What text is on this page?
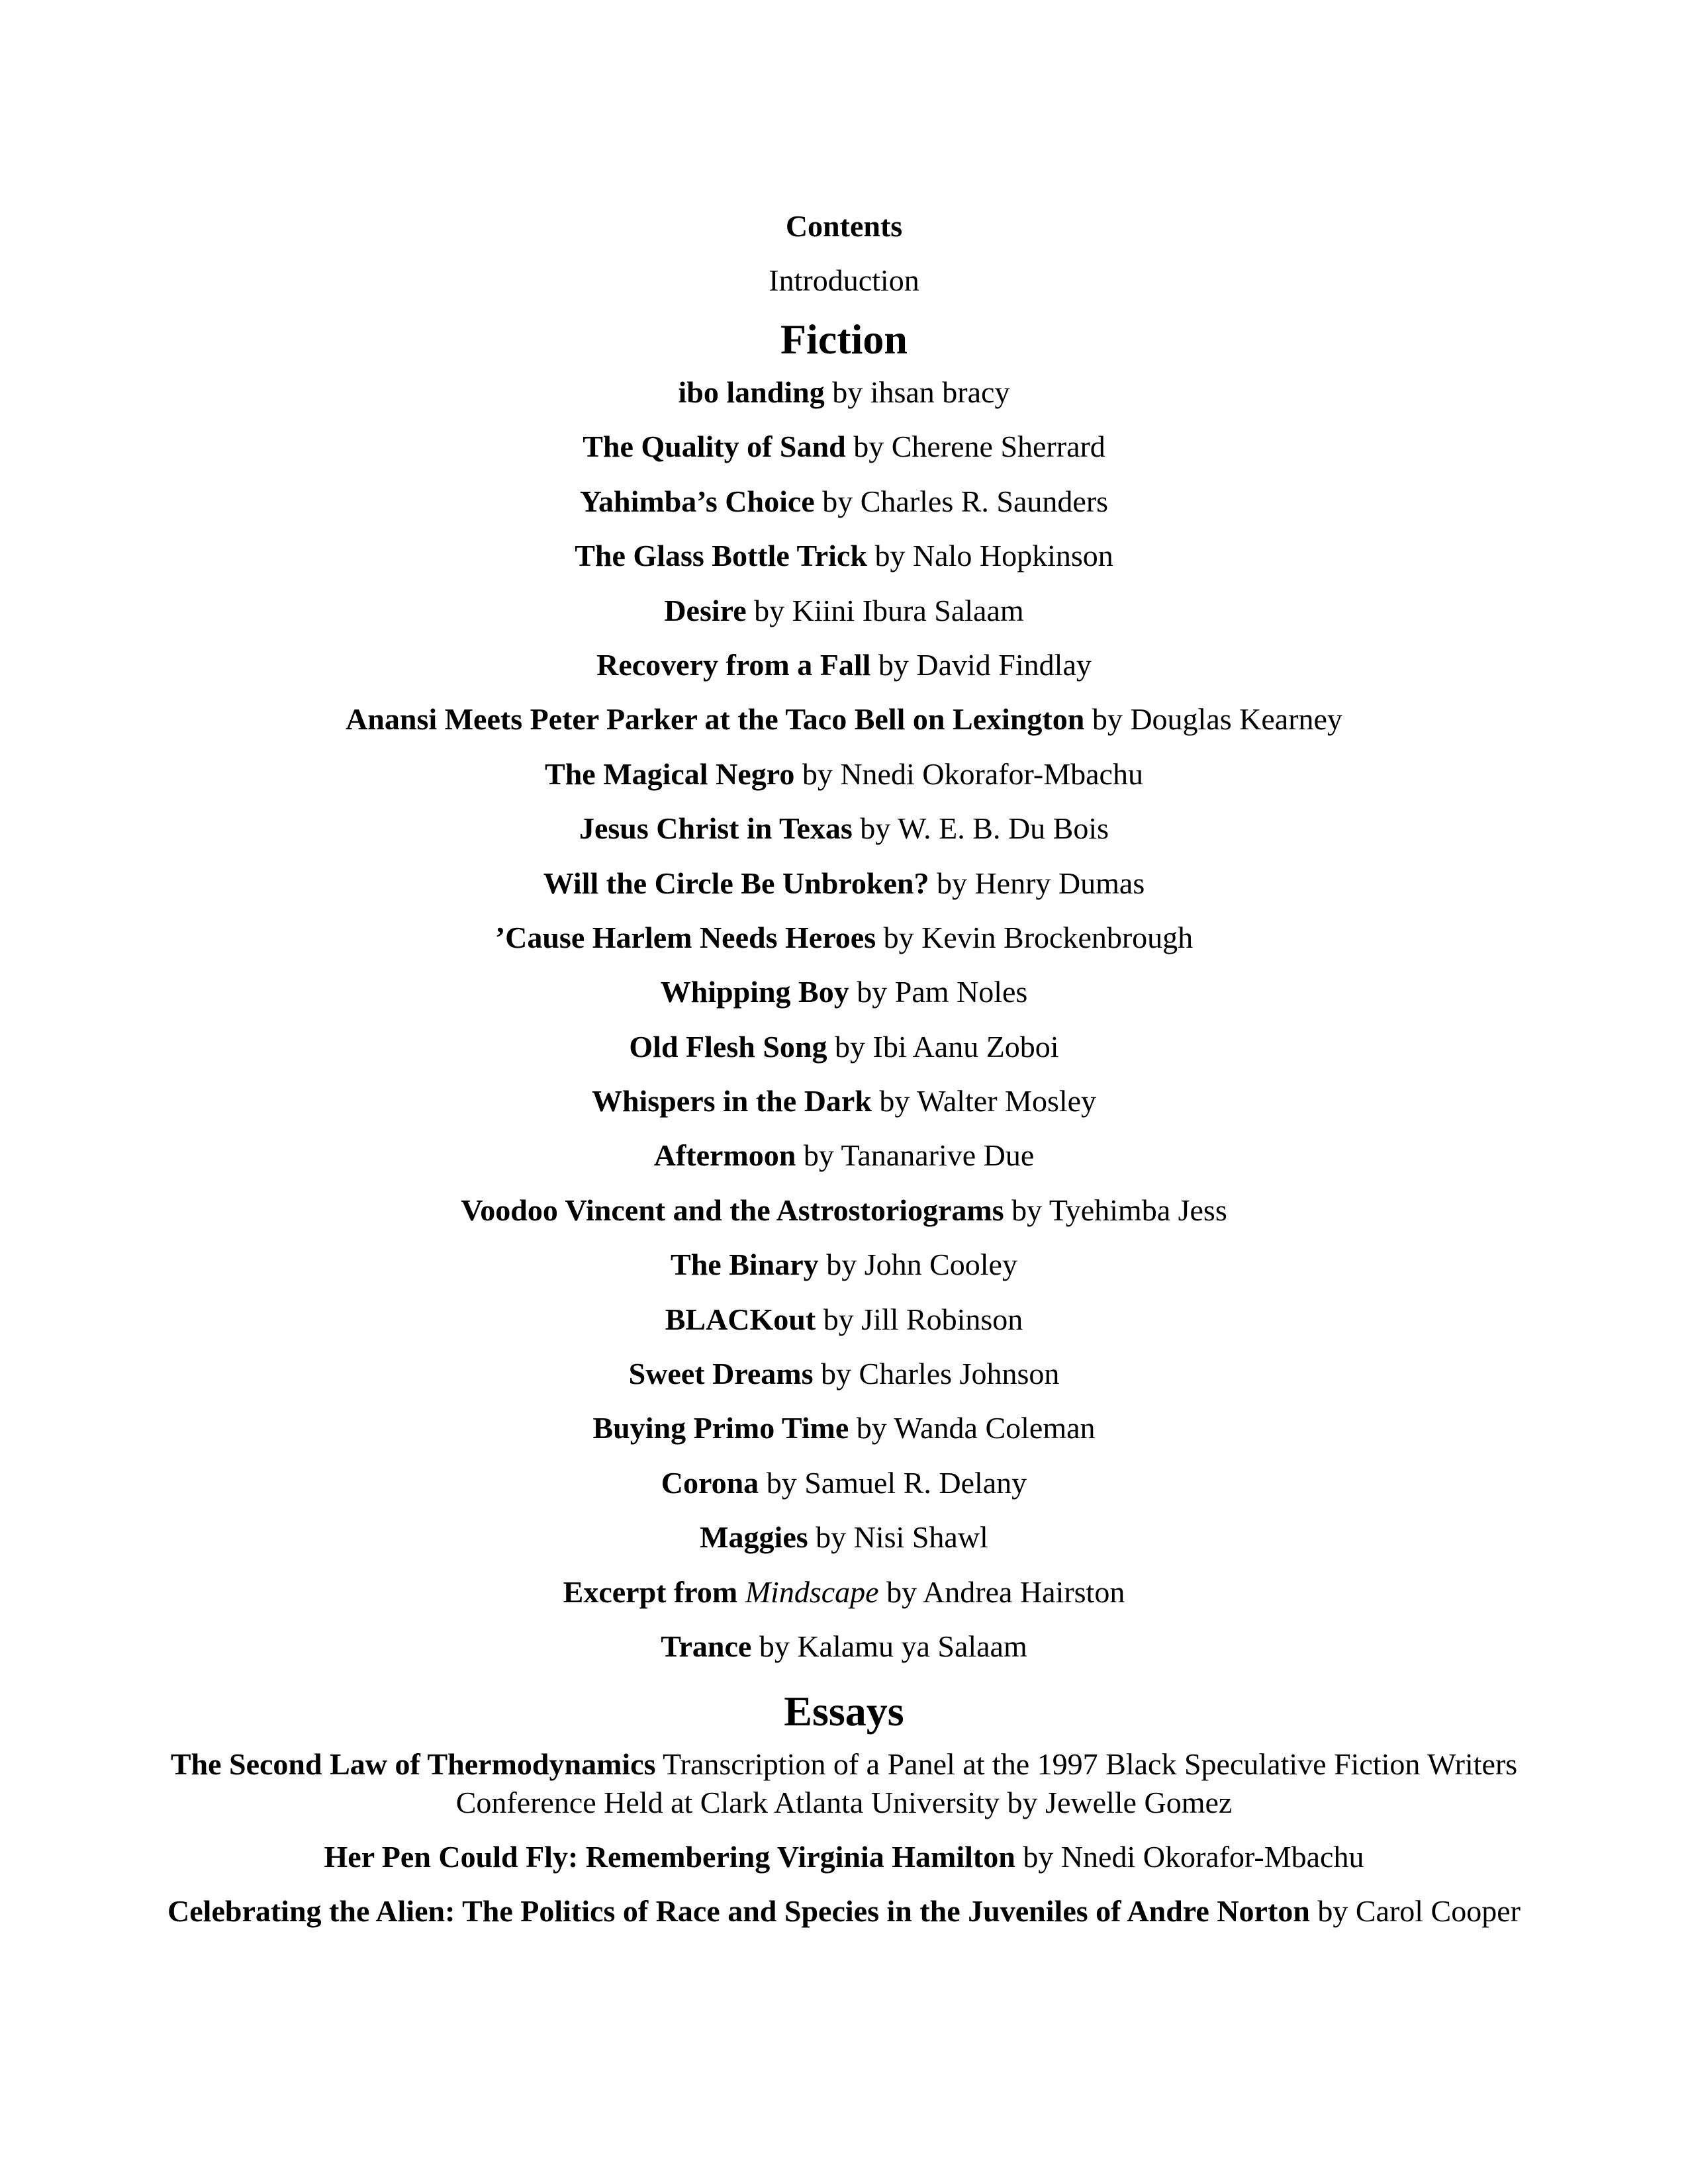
Contents
Introduction
Fiction
ibo landing by ihsan bracy
The Quality of Sand by Cherene Sherrard
Yahimba’s Choice by Charles R. Saunders
The Glass Bottle Trick by Nalo Hopkinson
Desire by Kiini Ibura Salaam
Recovery from a Fall by David Findlay
Anansi Meets Peter Parker at the Taco Bell on Lexington by Douglas Kearney
The Magical Negro by Nnedi Okorafor-Mbachu
Jesus Christ in Texas by W. E. B. Du Bois
Will the Circle Be Unbroken? by Henry Dumas
’Cause Harlem Needs Heroes by Kevin Brockenbrough
Whipping Boy by Pam Noles
Old Flesh Song by Ibi Aanu Zoboi
Whispers in the Dark by Walter Mosley
Aftermoon by Tananarive Due
Voodoo Vincent and the Astrostoriograms by Tyehimba Jess
The Binary by John Cooley
BLACKout by Jill Robinson
Sweet Dreams by Charles Johnson
Buying Primo Time by Wanda Coleman
Corona by Samuel R. Delany
Maggies by Nisi Shawl
Excerpt from Mindscape by Andrea Hairston
Trance by Kalamu ya Salaam
Essays
The Second Law of Thermodynamics Transcription of a Panel at the 1997 Black Speculative Fiction Writers Conference Held at Clark Atlanta University by Jewelle Gomez
Her Pen Could Fly: Remembering Virginia Hamilton by Nnedi Okorafor-Mbachu
Celebrating the Alien: The Politics of Race and Species in the Juveniles of Andre Norton by Carol Cooper
